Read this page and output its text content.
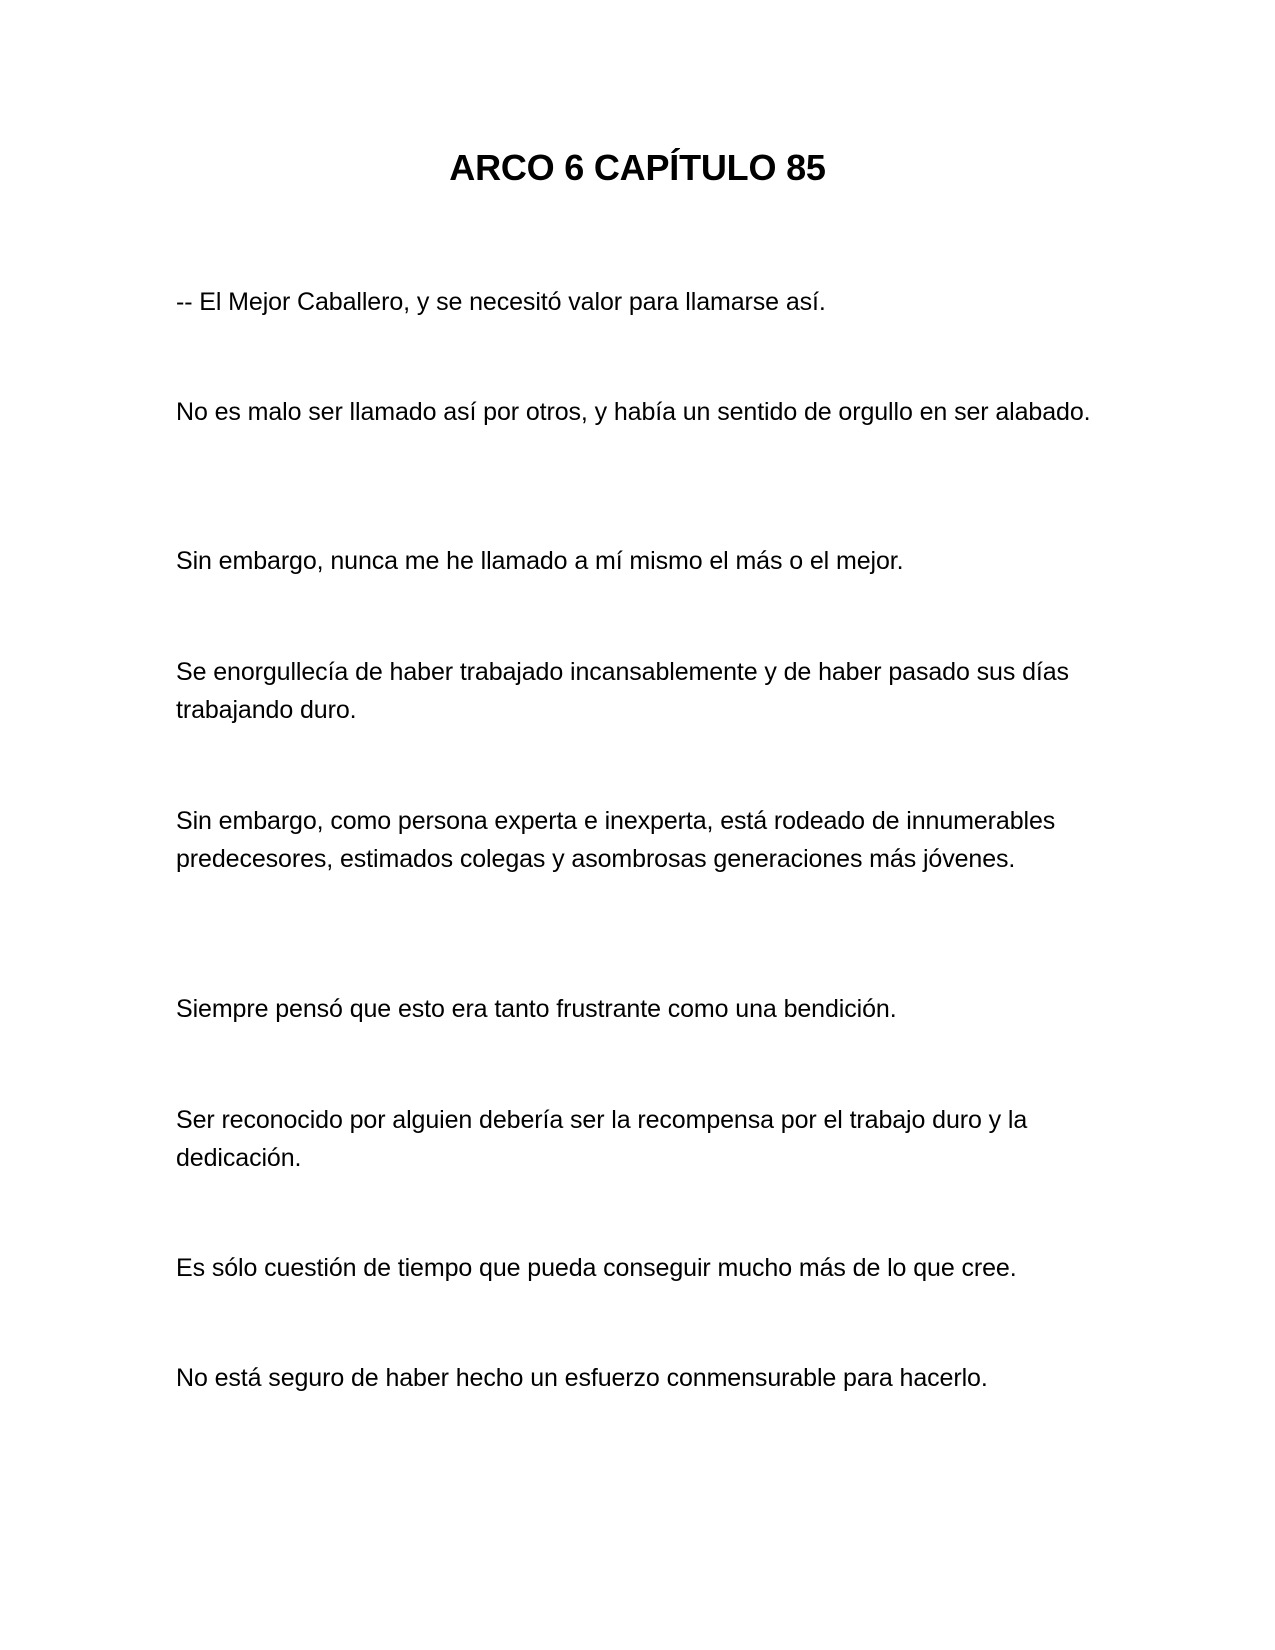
ARCO 6 CAPÍTULO 85

-- El Mejor Caballero, y se necesitó valor para llamarse así.

No es malo ser llamado así por otros, y había un sentido de orgullo en ser alabado.

Sin embargo, nunca me he llamado a mí mismo el más o el mejor.

Se enorgullecía de haber trabajado incansablemente y de haber pasado sus días trabajando duro.

Sin embargo, como persona experta e inexperta, está rodeado de innumerables predecesores, estimados colegas y asombrosas generaciones más jóvenes.

Siempre pensó que esto era tanto frustrante como una bendición.

Ser reconocido por alguien debería ser la recompensa por el trabajo duro y la dedicación.

Es sólo cuestión de tiempo que pueda conseguir mucho más de lo que cree.

No está seguro de haber hecho un esfuerzo conmensurable para hacerlo.
